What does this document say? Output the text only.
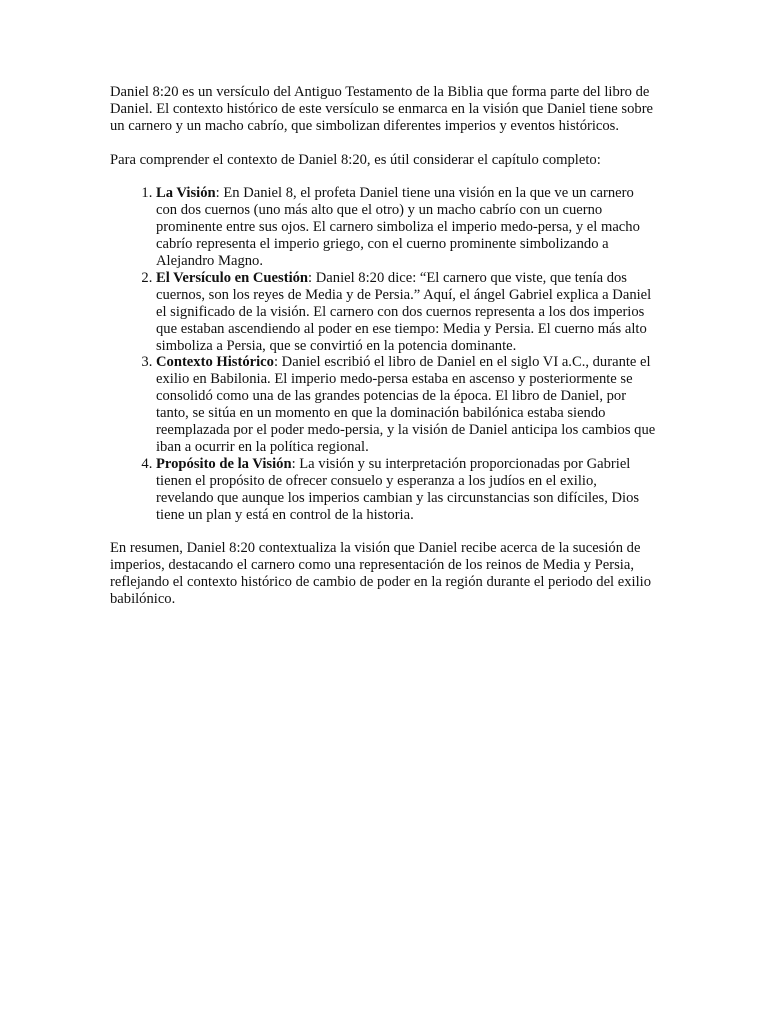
Daniel 8:20 es un versículo del Antiguo Testamento de la Biblia que forma parte del libro de Daniel. El contexto histórico de este versículo se enmarca en la visión que Daniel tiene sobre un carnero y un macho cabrío, que simbolizan diferentes imperios y eventos históricos.

Para comprender el contexto de Daniel 8:20, es útil considerar el capítulo completo:

1. La Visión: En Daniel 8, el profeta Daniel tiene una visión en la que ve un carnero con dos cuernos (uno más alto que el otro) y un macho cabrío con un cuerno prominente entre sus ojos. El carnero simboliza el imperio medo-persa, y el macho cabrío representa el imperio griego, con el cuerno prominente simbolizando a Alejandro Magno.
2. El Versículo en Cuestión: Daniel 8:20 dice: “El carnero que viste, que tenía dos cuernos, son los reyes de Media y de Persia.” Aquí, el ángel Gabriel explica a Daniel el significado de la visión. El carnero con dos cuernos representa a los dos imperios que estaban ascendiendo al poder en ese tiempo: Media y Persia. El cuerno más alto simboliza a Persia, que se convirtió en la potencia dominante.
3. Contexto Histórico: Daniel escribió el libro de Daniel en el siglo VI a.C., durante el exilio en Babilonia. El imperio medo-persa estaba en ascenso y posteriormente se consolidó como una de las grandes potencias de la época. El libro de Daniel, por tanto, se sitúa en un momento en que la dominación babilónica estaba siendo reemplazada por el poder medo-persia, y la visión de Daniel anticipa los cambios que iban a ocurrir en la política regional.
4. Propósito de la Visión: La visión y su interpretación proporcionadas por Gabriel tienen el propósito de ofrecer consuelo y esperanza a los judíos en el exilio, revelando que aunque los imperios cambian y las circunstancias son difíciles, Dios tiene un plan y está en control de la historia.

En resumen, Daniel 8:20 contextualiza la visión que Daniel recibe acerca de la sucesión de imperios, destacando el carnero como una representación de los reinos de Media y Persia, reflejando el contexto histórico de cambio de poder en la región durante el periodo del exilio babilónico.
